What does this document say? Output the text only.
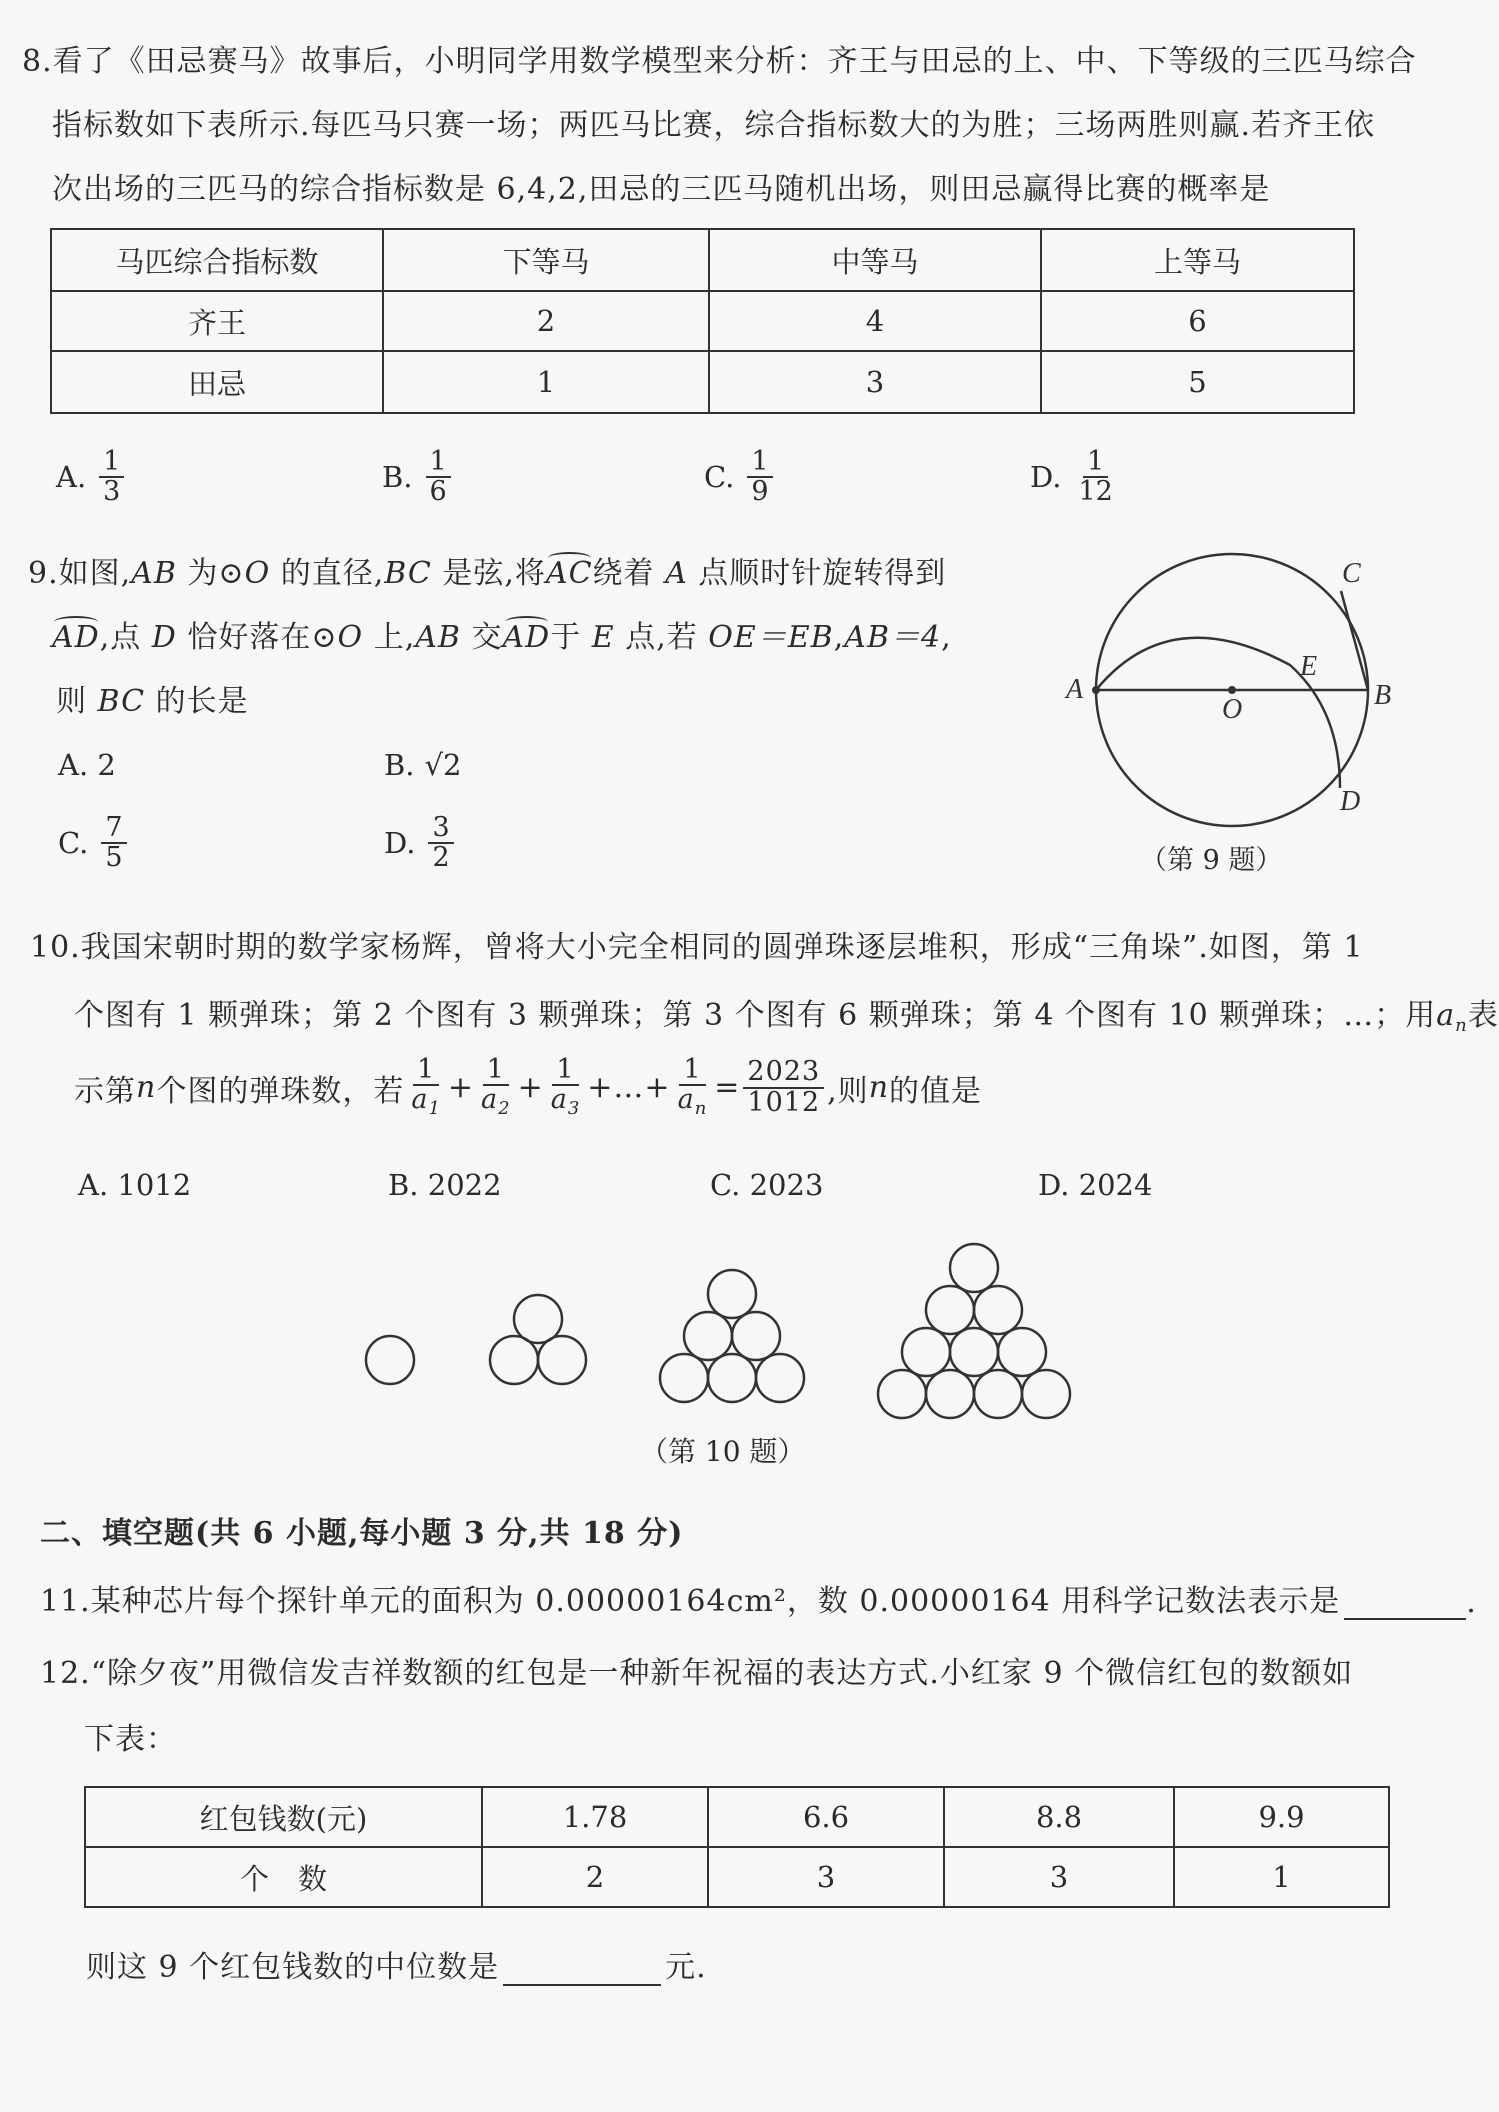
8.看了《田忌赛马》故事后，小明同学用数学模型来分析：齐王与田忌的上、中、下等级的三匹马综合
指标数如下表所示.每匹马只赛一场；两匹马比赛，综合指标数大的为胜；三场两胜则赢.若齐王依
次出场的三匹马的综合指标数是 6,4,2,田忌的三匹马随机出场，则田忌赢得比赛的概率是
马匹综合指标数	下等马	中等马	上等马
齐王	2	4	6
田忌	1	3	5
A. $\frac{1}{3}$	B. $\frac{1}{6}$	C. $\frac{1}{9}$	D. $\frac{1}{12}$
9.如图,AB 为⊙O 的直径,BC 是弦,将AC绕着 A 点顺时针旋转得到
AD,点 D 恰好落在⊙O 上,AB 交AD于 E 点,若 OE＝EB,AB＝4,
则 BC 的长是
A. 2	B. √2
C. $\frac{7}{5}$	D. $\frac{3}{2}$
A	B
C
D
E
O
（第 9 题）
10.我国宋朝时期的数学家杨辉，曾将大小完全相同的圆弹珠逐层堆积，形成“三角垛”.如图，第 1
个图有 1 颗弹珠；第 2 个图有 3 颗弹珠；第 3 个图有 6 颗弹珠；第 4 个图有 10 颗弹珠；…；用$a_n$表
示第 n 个图的弹珠数，若 $\frac{1}{a_1} + \frac{1}{a_2} + \frac{1}{a_3}$ +…+ $\frac{1}{a_n} = \frac{2023}{1012}$ ,则 n 的值是
A. 1012	B. 2022	C. 2023	D. 2024
（第 10 题）
二、填空题(共 6 小题,每小题 3 分,共 18 分)
11.某种芯片每个探针单元的面积为 0.00000164cm²，数 0.00000164 用科学记数法表示是	.
12.“除夕夜”用微信发吉祥数额的红包是一种新年祝福的表达方式.小红家 9 个微信红包的数额如
下表：
红包钱数(元)	1.78	6.6	8.8	9.9
个　数	2	3	3	1
则这 9 个红包钱数的中位数是	元.
